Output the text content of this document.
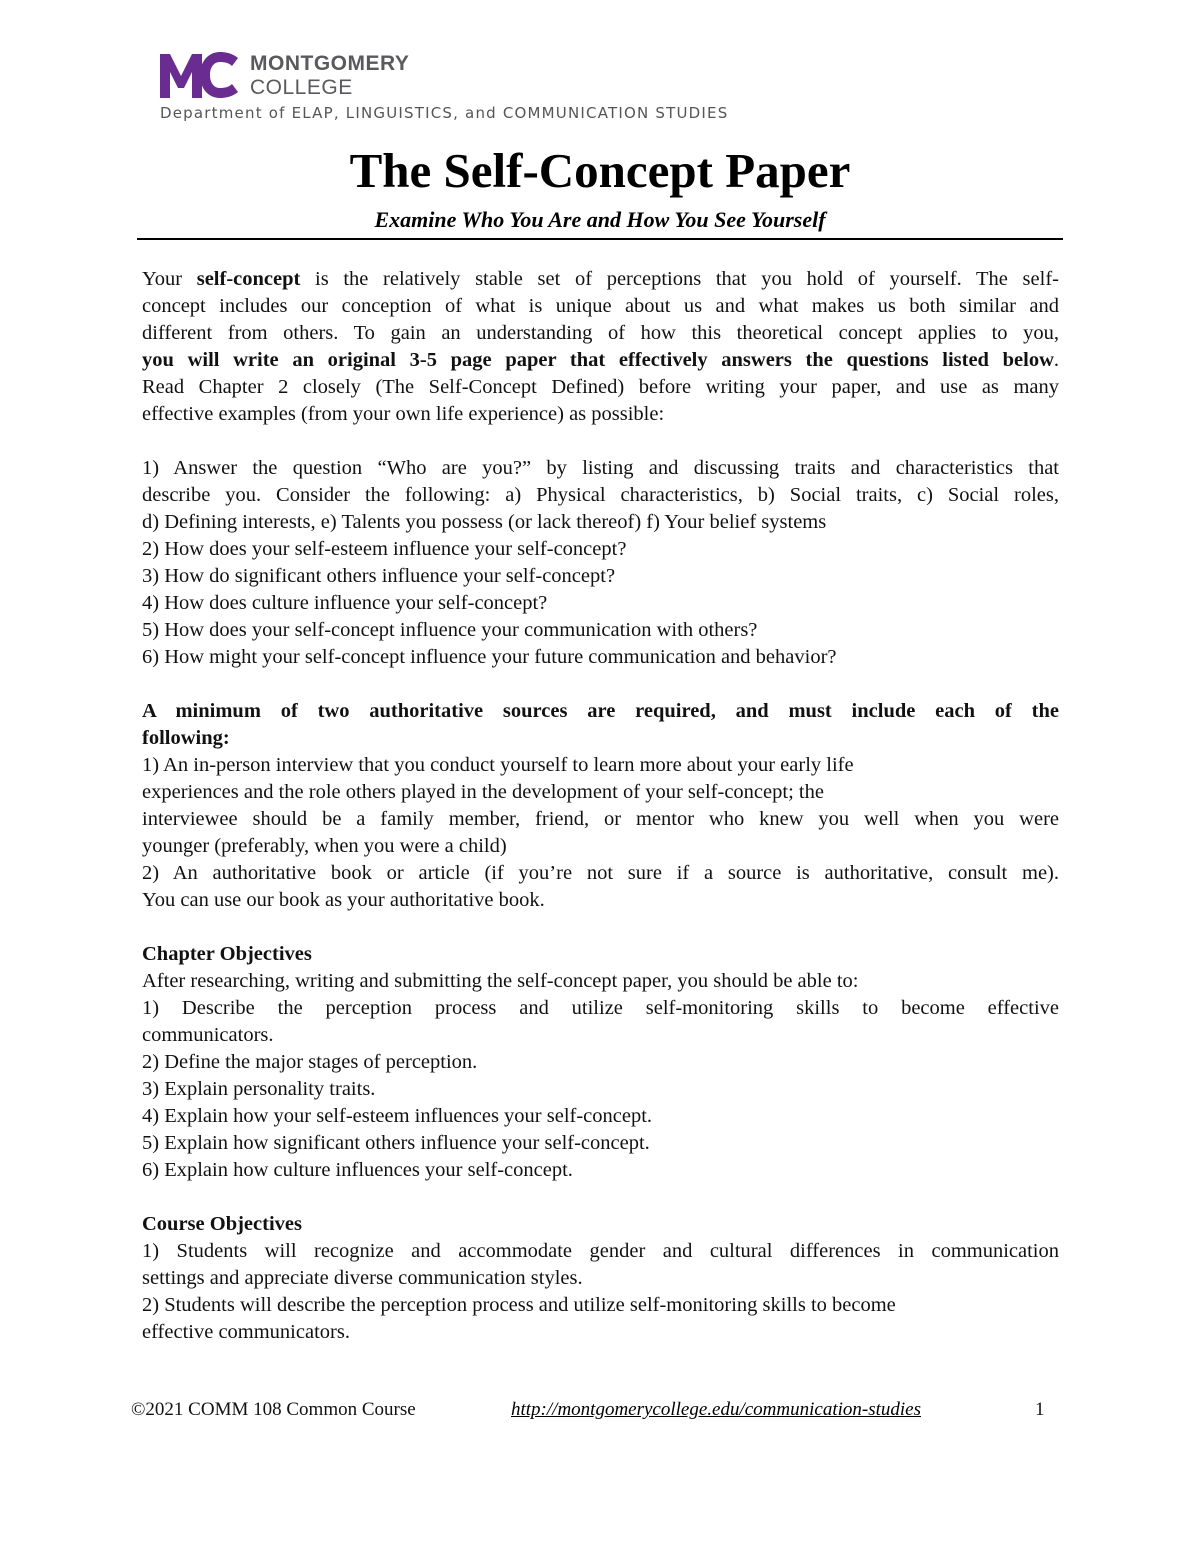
MONTGOMERY
COLLEGE
Department of ELAP, LINGUISTICS, and COMMUNICATION STUDIES
The Self-Concept Paper
Examine Who You Are and How You See Yourself

Your self-concept is the relatively stable set of perceptions that you hold of yourself. The self-

concept includes our conception of what is unique about us and what makes us both similar and

different from others. To gain an understanding of how this theoretical concept applies to you,

you will write an original 3-5 page paper that effectively answers the questions listed below.

Read Chapter 2 closely (The Self-Concept Defined) before writing your paper, and use as many

effective examples (from your own life experience) as possible:

1) Answer the question “Who are you?” by listing and discussing traits and characteristics that

describe you. Consider the following: a) Physical characteristics, b) Social traits, c) Social roles,

d) Defining interests, e) Talents you possess (or lack thereof) f) Your belief systems

2) How does your self-esteem influence your self-concept?

3) How do significant others influence your self-concept?

4) How does culture influence your self-concept?

5) How does your self-concept influence your communication with others?

6) How might your self-concept influence your future communication and behavior?

A minimum of two authoritative sources are required, and must include each of the

following:

1) An in-person interview that you conduct yourself to learn more about your early life

experiences and the role others played in the development of your self-concept; the

interviewee should be a family member, friend, or mentor who knew you well when you were

younger (preferably, when you were a child)

2) An authoritative book or article (if you’re not sure if a source is authoritative, consult me).

You can use our book as your authoritative book.

Chapter Objectives

After researching, writing and submitting the self-concept paper, you should be able to:

1) Describe the perception process and utilize self-monitoring skills to become effective

communicators.

2) Define the major stages of perception.

3) Explain personality traits.

4) Explain how your self-esteem influences your self-concept.

5) Explain how significant others influence your self-concept.

6) Explain how culture influences your self-concept.

Course Objectives

1) Students will recognize and accommodate gender and cultural differences in communication

settings and appreciate diverse communication styles.

2) Students will describe the perception process and utilize self-monitoring skills to become

effective communicators.

©2021 COMM 108 Common Course	http://montgomerycollege.edu/communication-studies	1
